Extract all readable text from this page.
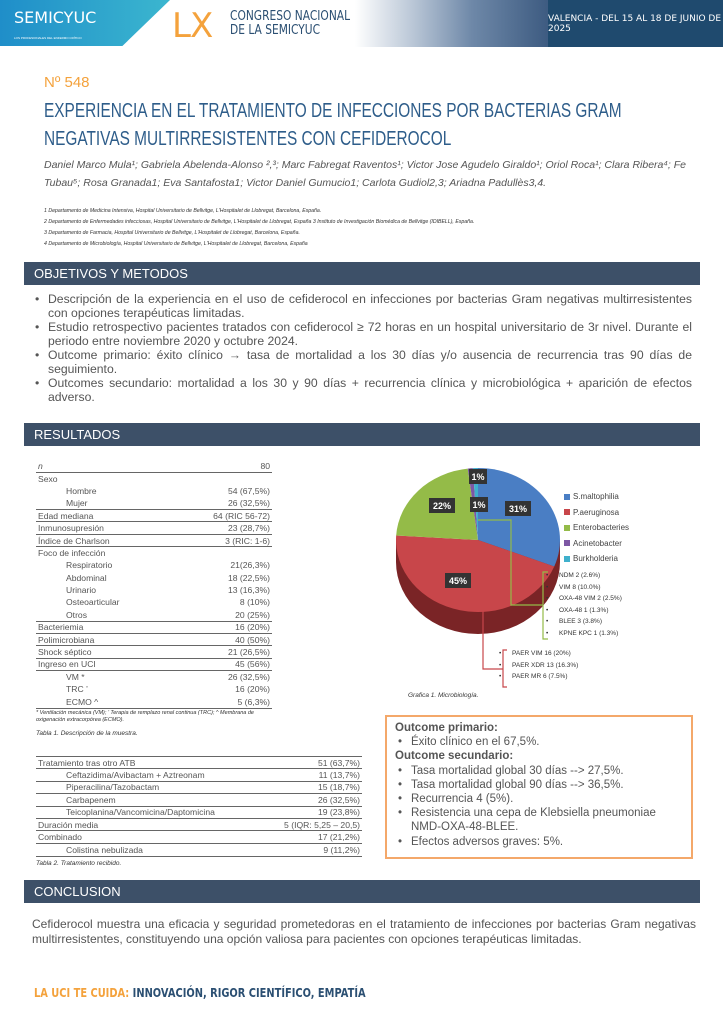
SEMICYUC
LOS PROFESIONALES DEL ENFERMO CRÍTICO	LX CONGRESO NACIONAL
DE LA SEMICYUC
VALENCIA - DEL 15 AL 18 DE JUNIO DE 2025
Nº 548
EXPERIENCIA EN EL TRATAMIENTO DE INFECCIONES POR BACTERIAS GRAM NEGATIVAS MULTIRRESISTENTES CON CEFIDEROCOL
Daniel Marco Mula¹; Gabriela Abelenda-Alonso ²,³; Marc Fabregat Raventos¹; Victor Jose Agudelo Giraldo¹; Oriol Roca¹; Clara Ribera⁴; Fe Tubau⁵; Rosa Granada1; Eva Santafosta1; Victor Daniel Gumucio1; Carlota Gudiol2,3; Ariadna Padullès3,4.
1 Departamento de Medicina Intensiva, Hospital Universitario de Bellvitge, L'Hospitalet de Llobregat, Barcelona, España.
2 Departamento de Enfermedades infecciosas, Hospital Universitario de Bellvitge, L'Hospitalet de Llobregat, España 3 Instituto de Investigación Biomédica de Bellvitge (IDIBELL), España.
3 Departamento de Farmacia, Hospital Universitario de Bellvitge, L'Hospitalet de Llobregat, Barcelona, España.
4 Departamento de Microbiología, Hospital Universitario de Bellvitge, L'Hospitalet de Llobregat, Barcelona, España
OBJETIVOS Y METODOS
• Descripción de la experiencia en el uso de cefiderocol en infecciones por bacterias Gram negativas multirresistentes con opciones terapéuticas limitadas.
• Estudio retrospectivo pacientes tratados con cefiderocol ≥ 72 horas en un hospital universitario de 3r nivel. Durante el periodo entre noviembre 2020 y octubre 2024.
• Outcome primario: éxito clínico → tasa de mortalidad a los 30 días y/o ausencia de recurrencia tras 90 días de seguimiento.
• Outcomes secundario: mortalidad a los 30 y 90 días + recurrencia clínica y microbiológica + aparición de efectos adverso.
RESULTADOS
n	80
Sexo	
Hombre	54 (67,5%)
Mujer	26 (32,5%)
Edad mediana	64 (RIC 56-72)
Inmunosupresión	23 (28,7%)
Índice de Charlson	3 (RIC: 1-6)
Foco de infección	
Respiratorio	21(26,3%)
Abdominal	18 (22,5%)
Urinario	13 (16,3%)
Osteoarticular	8 (10%)
Otros	20 (25%)
Bacteriemia	16 (20%)
Polimicrobiana	40 (50%)
Shock séptico	21 (26,5%)
Ingreso en UCI	45 (56%)
VM *	26 (32,5%)
TRC ’	16 (20%)
ECMO ^	5 (6,3%)
* Ventilación mecánica (VM); ’ Terapia de remplazo renal continua (TRC); ^ Membrana de oxigenación extracorpórea (ECMO).
Tabla 1. Descripción de la muestra.
Tratamiento tras otro ATB	51 (63,7%)
Ceftazidima/Avibactam + Aztreonam	11 (13,7%)
Piperacilina/Tazobactam	15 (18,7%)
Carbapenem	26 (32,5%)
Teicoplanina/Vancomicina/Daptomicina	19 (23,8%)
Duración media	5 (IQR: 5,25 – 20,5)
Combinado	17 (21,2%)
Colistina nebulizada	9 (11,2%)
Tabla 2. Tratamiento recibido.
31%
45%
22%
1%
1%
S.maltophilia
P.aeruginosa
Enterobacteries
Acinetobacter
Burkholderia
• NDM 2 (2.6%)
• VIM 8 (10.0%)
• OXA-48 VIM 2 (2.5%)
• OXA-48 1 (1.3%)
• BLEE 3 (3.8%)
• KPNE KPC 1 (1.3%)
• PAER VIM 16 (20%)
• PAER XDR 13 (16.3%)
• PAER MR 6 (7.5%)
Grafica 1. Microbiología.
Outcome primario:
• Éxito clínico en el 67,5%.
Outcome secundario:
• Tasa mortalidad global 30 días --> 27,5%.
• Tasa mortalidad global 90 días --> 36,5%.
• Recurrencia 4 (5%).
• Resistencia una cepa de Klebsiella pneumoniae NMD-OXA-48-BLEE.
• Efectos adversos graves: 5%.
CONCLUSION
Cefiderocol muestra una eficacia y seguridad prometedoras en el tratamiento de infecciones por bacterias Gram negativas multirresistentes, constituyendo una opción valiosa para pacientes con opciones terapéuticas limitadas.
LA UCI TE CUIDA: INNOVACIÓN, RIGOR CIENTÍFICO, EMPATÍA
